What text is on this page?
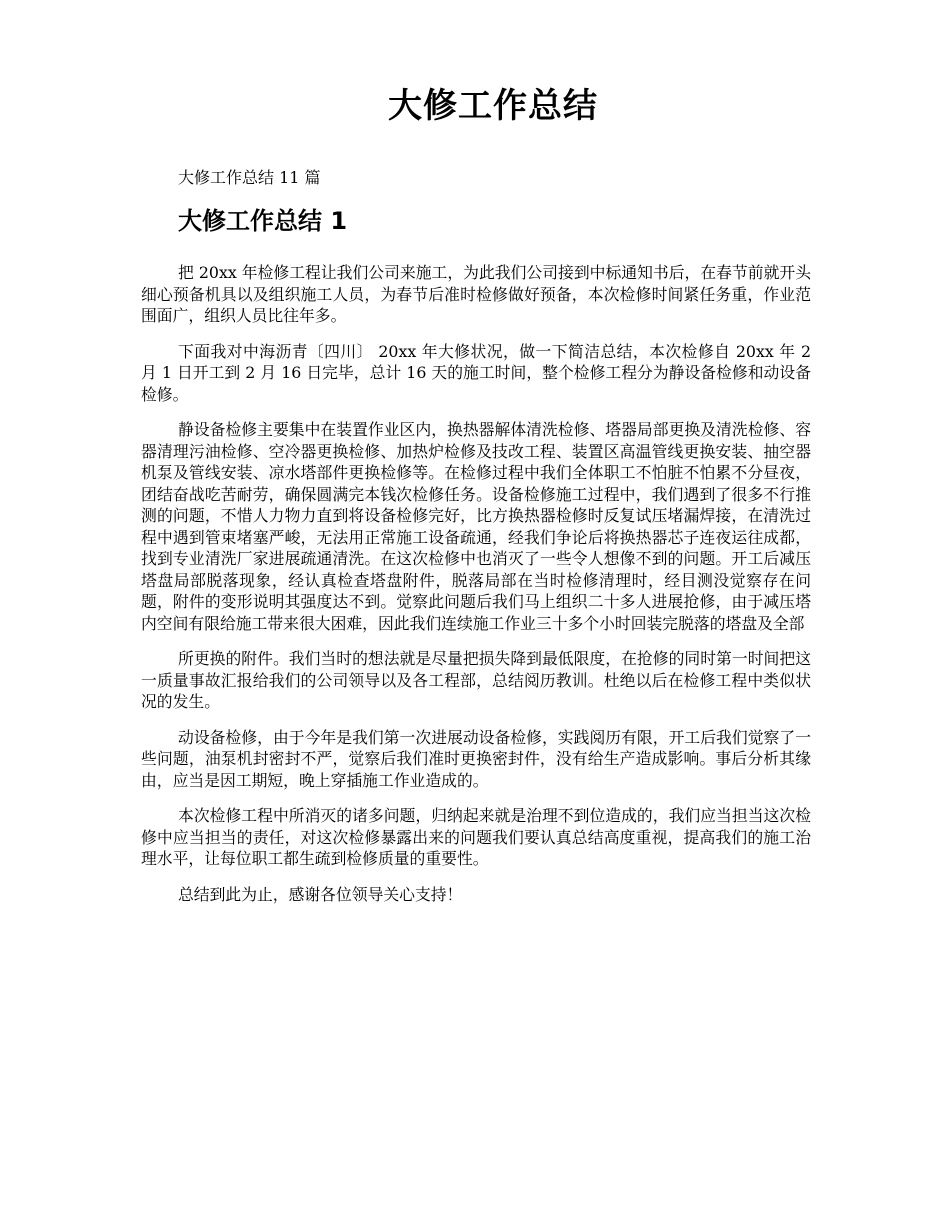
大修工作总结
大修工作总结 11 篇
大修工作总结 1

把 20xx 年检修工程让我们公司来施工，为此我们公司接到中标通知书后，在春节前就开头细心预备机具以及组织施工人员，为春节后准时检修做好预备，本次检修时间紧任务重，作业范围面广，组织人员比往年多。

下面我对中海沥青〔四川〕 20xx 年大修状况，做一下简洁总结，本次检修自 20xx 年 2 月 1 日开工到 2 月 16 日完毕，总计 16 天的施工时间，整个检修工程分为静设备检修和动设备检修。

静设备检修主要集中在装置作业区内，换热器解体清洗检修、塔器局部更换及清洗检修、容器清理污油检修、空冷器更换检修、加热炉检修及技改工程、装置区高温管线更换安装、抽空器机泵及管线安装、凉水塔部件更换检修等。在检修过程中我们全体职工不怕脏不怕累不分昼夜，团结奋战吃苦耐劳，确保圆满完本钱次检修任务。设备检修施工过程中，我们遇到了很多不行推测的问题，不惜人力物力直到将设备检修完好，比方换热器检修时反复试压堵漏焊接，在清洗过程中遇到管束堵塞严峻，无法用正常施工设备疏通，经我们争论后将换热器芯子连夜运往成都，找到专业清洗厂家进展疏通清洗。在这次检修中也消灭了一些令人想像不到的问题。开工后减压塔盘局部脱落现象，经认真检查塔盘附件，脱落局部在当时检修清理时，经目测没觉察存在问题，附件的变形说明其强度达不到。觉察此问题后我们马上组织二十多人进展抢修，由于减压塔内空间有限给施工带来很大困难，因此我们连续施工作业三十多个小时回装完脱落的塔盘及全部

所更换的附件。我们当时的想法就是尽量把损失降到最低限度，在抢修的同时第一时间把这一质量事故汇报给我们的公司领导以及各工程部，总结阅历教训。杜绝以后在检修工程中类似状况的发生。

动设备检修，由于今年是我们第一次进展动设备检修，实践阅历有限，开工后我们觉察了一些问题，油泵机封密封不严，觉察后我们准时更换密封件，没有给生产造成影响。事后分析其缘由，应当是因工期短，晚上穿插施工作业造成的。

本次检修工程中所消灭的诸多问题，归纳起来就是治理不到位造成的，我们应当担当这次检修中应当担当的责任，对这次检修暴露出来的问题我们要认真总结高度重视，提高我们的施工治理水平，让每位职工都生疏到检修质量的重要性。

总结到此为止，感谢各位领导关心支持！
